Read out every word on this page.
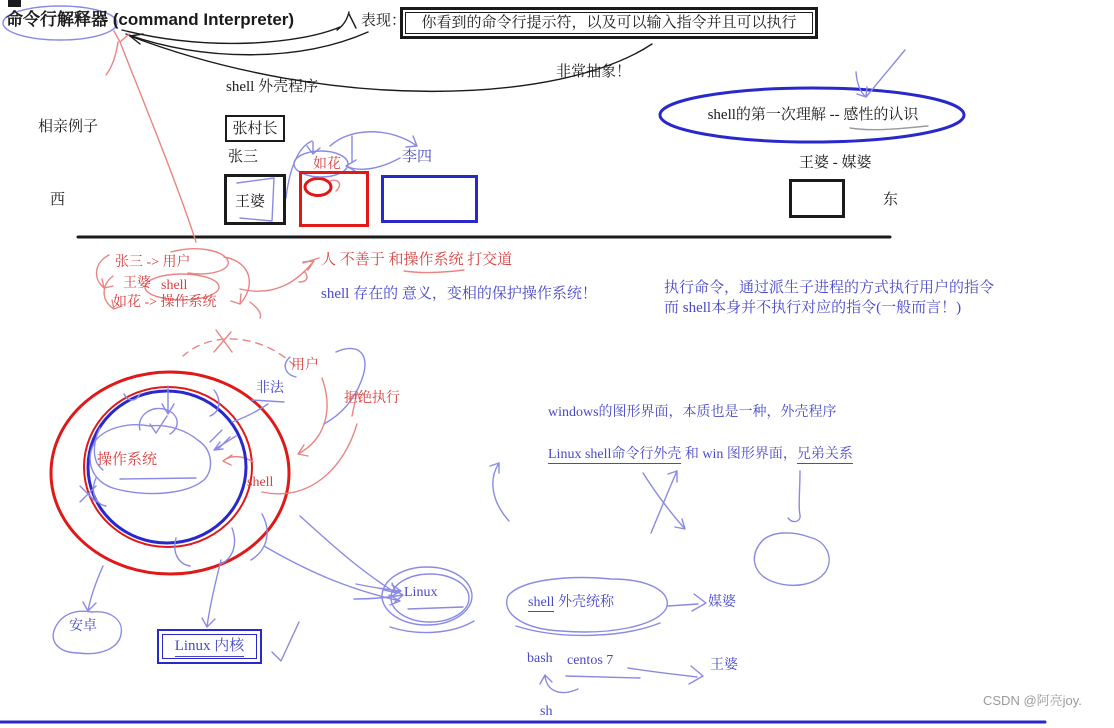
你看到的命令行提示符，以及可以输入指令并且可以执行
张村长
Linux 内核
命令行解释器 (command Interpreter)	表现：
shell 外壳程序
非常抽象！
shell的第一次理解 -- 感性的认识
相亲例子
张三	如花	李四
王婆
西	东
王婆 - 媒婆
张三 -> 用户
王婆 shell
如花 -> 操作系统
人 不善于 和操作系统 打交道
shell 存在的 意义，变相的保护操作系统！	执行命令，通过派生子进程的方式执行用户的指令
而 shell本身并不执行对应的指令(一般而言！)
操作系统
shell
用户
非法
拒绝执行
windows的图形界面，本质也是一种，外壳程序
Linux shell命令行外壳 和 win 图形界面，兄弟关系
安卓
Linux
shell 外壳统称	媒婆
bash centos 7	王婆
sh
CSDN @阿亮joy.
